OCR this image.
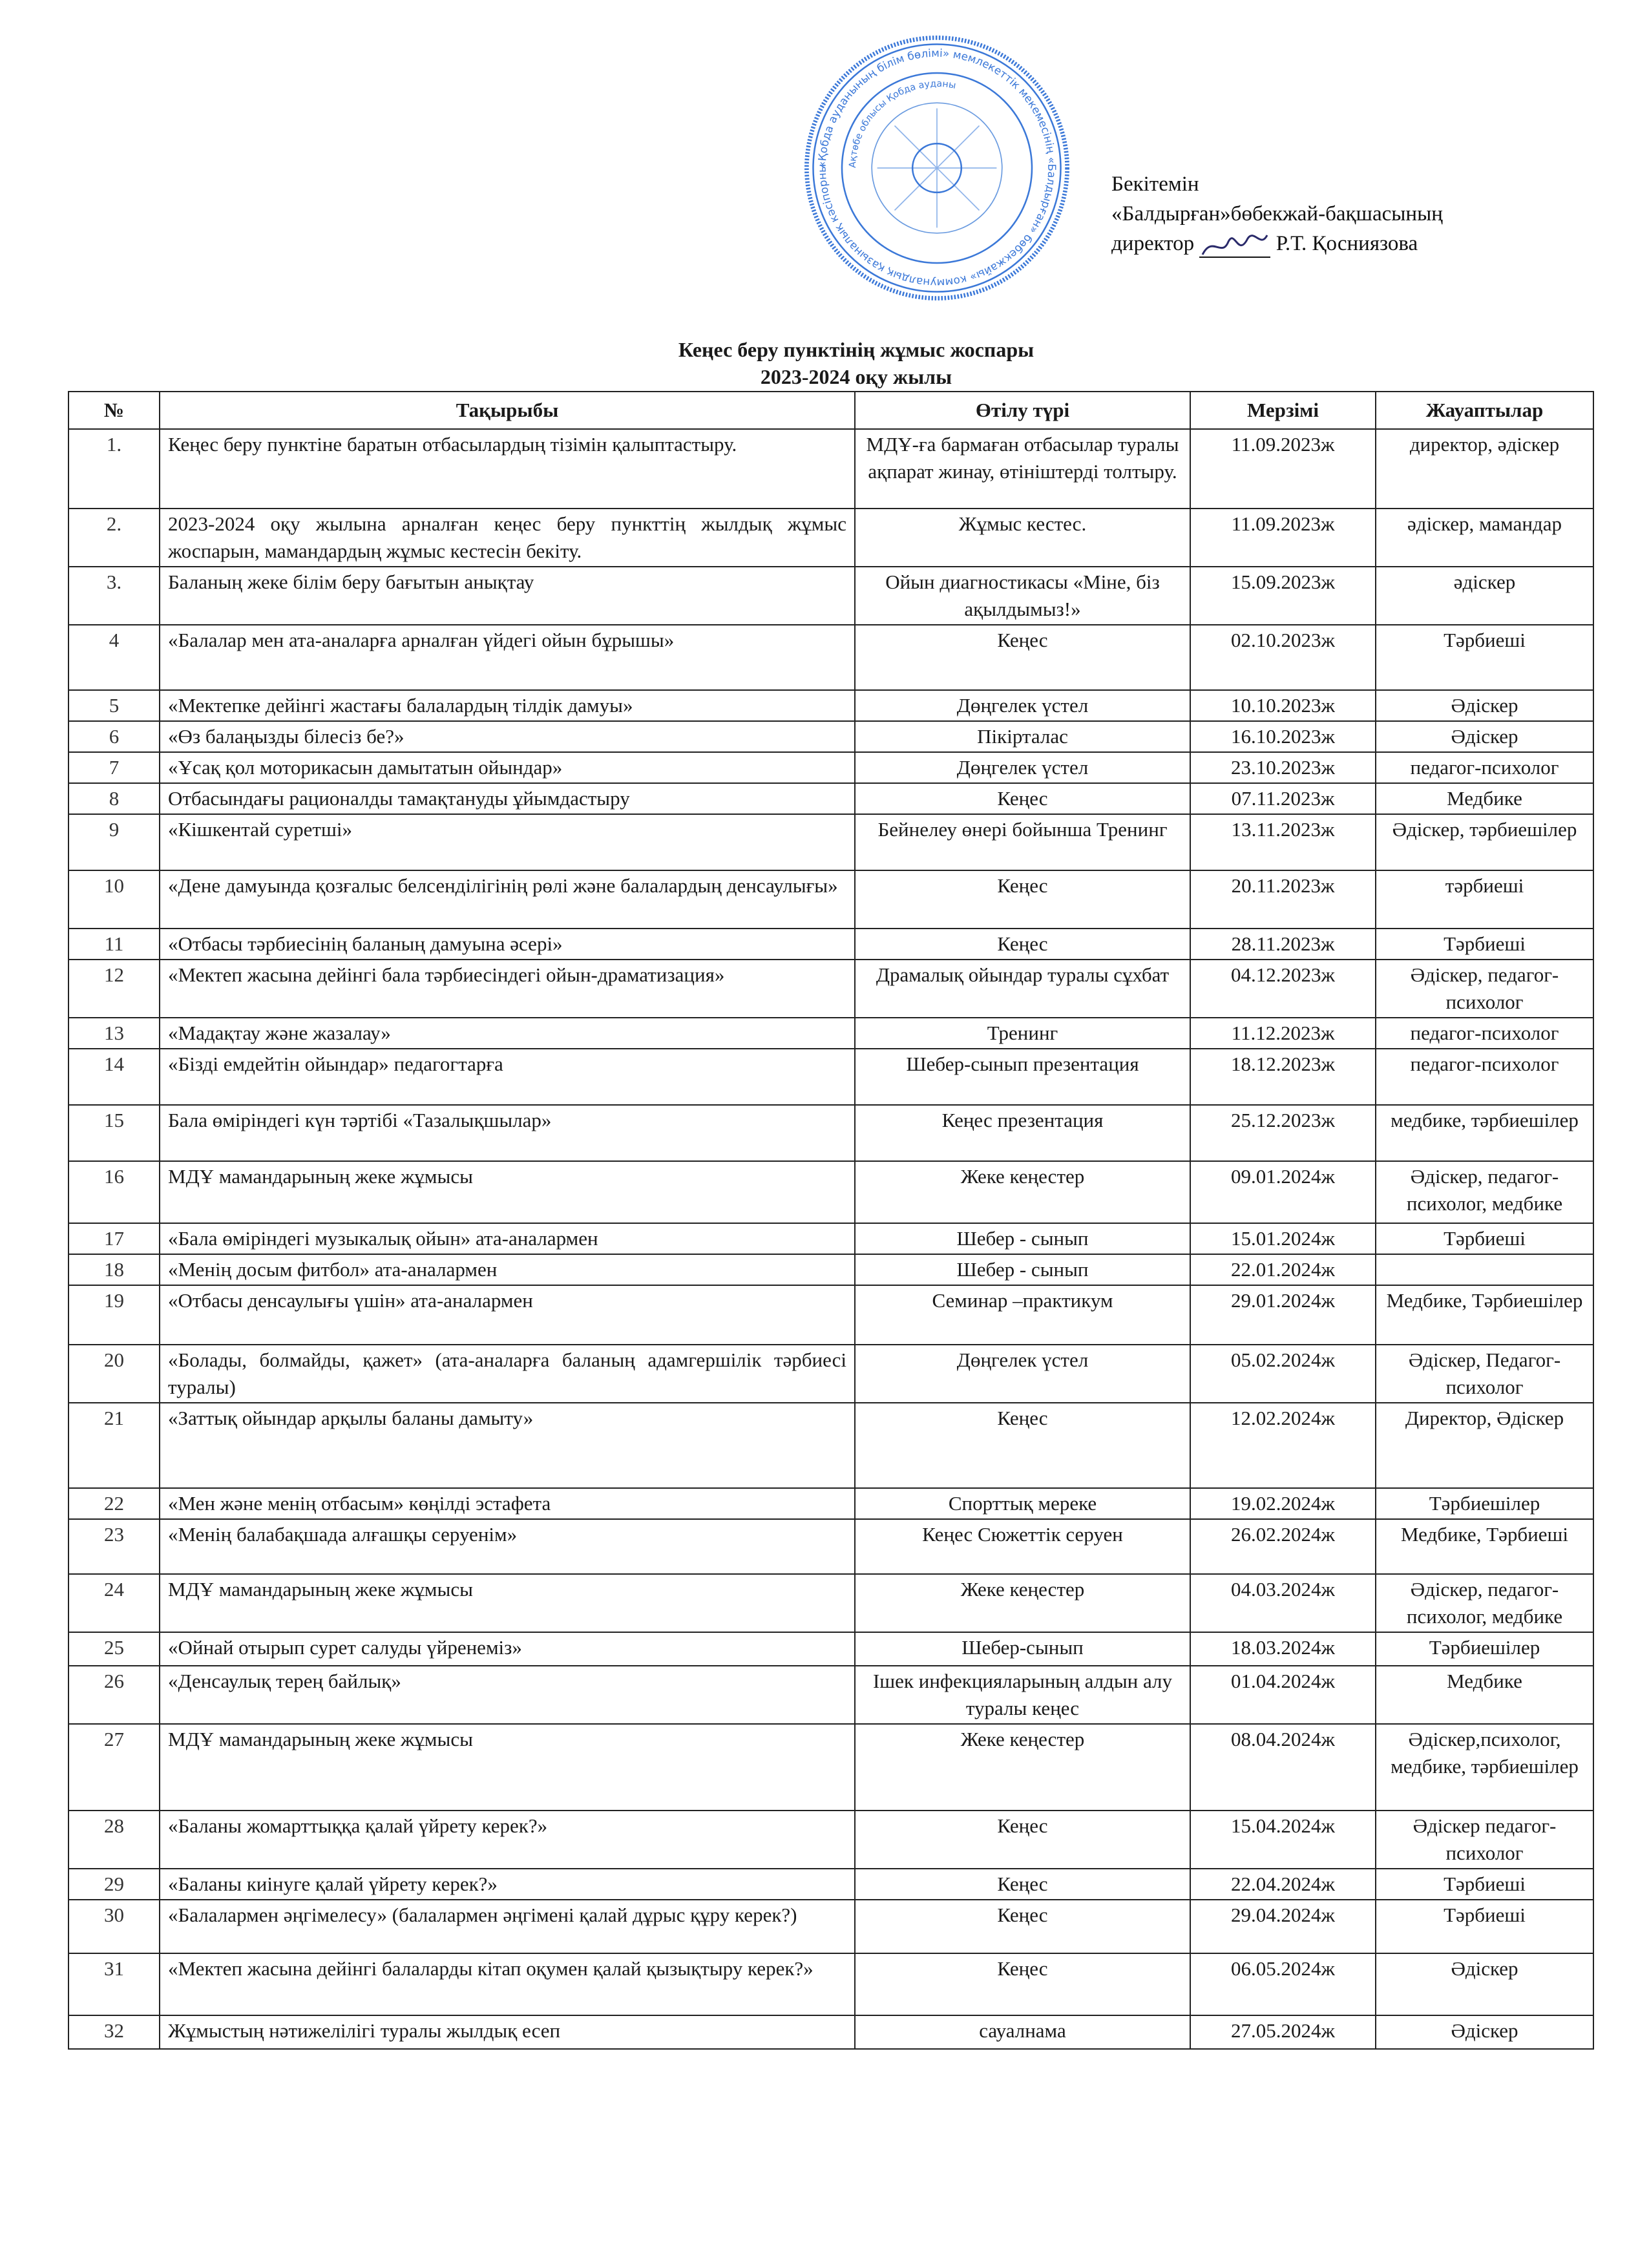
«Қобда ауданының білім бөлімі» мемлекеттік мекемесінің «Балдырған» бөбекжайы» коммуналдық қазыналық кәсіпорны	Ақтөбе облысы Қобда ауданы
Бекітемін
«Балдырған»бөбекжай-бақшасының
директор	Р.Т. Қосниязова
Кеңес беру пунктінің жұмыс жоспары
2023-2024 оқу жылы
№	Тақырыбы	Өтілу түрі	Мерзімі	Жауаптылар
1.	Кеңес беру пунктіне баратын отбасылардың тізімін қалыптастыру.	МДҰ-ға бармаған отбасылар туралы ақпарат жинау, өтініштерді толтыру.	11.09.2023ж	директор, әдіскер
2.	2023-2024 оқу жылына арналған кеңес беру пункттің жылдық жұмыс жоспарын, мамандардың жұмыс кестесін бекіту.	Жұмыс кестес.	11.09.2023ж	әдіскер, мамандар
3.	Баланың жеке білім беру бағытын анықтау	Ойын диагностикасы «Міне, біз ақылдымыз!»	15.09.2023ж	әдіскер
4	«Балалар мен ата-аналарға арналған үйдегі ойын бұрышы»	Кеңес	02.10.2023ж	Тәрбиеші
5	«Мектепке дейінгі жастағы балалардың тілдік дамуы»	Дөңгелек үстел	10.10.2023ж	Әдіскер
6	«Өз балаңызды білесіз бе?»	Пікірталас	16.10.2023ж	Әдіскер
7	«Ұсақ қол моторикасын дамытатын ойындар»	Дөңгелек үстел	23.10.2023ж	педагог-психолог
8	Отбасындағы рационалды тамақтануды ұйымдастыру	Кеңес	07.11.2023ж	Медбике
9	«Кішкентай суретші»	Бейнелеу өнері бойынша Тренинг	13.11.2023ж	Әдіскер, тәрбиешілер
10	«Дене дамуында қозғалыс белсенділігінің рөлі және балалардың денсаулығы»	Кеңес	20.11.2023ж	тәрбиеші
11	«Отбасы тәрбиесінің баланың дамуына әсері»	Кеңес	28.11.2023ж	Тәрбиеші
12	«Мектеп жасына дейінгі бала тәрбиесіндегі ойын-драматизация»	Драмалық ойындар туралы сұхбат	04.12.2023ж	Әдіскер, педагог-психолог
13	«Мадақтау және жазалау»	Тренинг	11.12.2023ж	педагог-психолог
14	«Бізді емдейтін ойындар» педагогтарға	Шебер-сынып презентация	18.12.2023ж	педагог-психолог
15	Бала өміріндегі күн тәртібі «Тазалықшылар»	Кеңес презентация	25.12.2023ж	медбике, тәрбиешілер
16	МДҰ мамандарының жеке жұмысы	Жеке кеңестер	09.01.2024ж	Әдіскер, педагог-психолог, медбике
17	«Бала өміріндегі музыкалық ойын» ата-аналармен	Шебер - сынып	15.01.2024ж	Тәрбиеші
18	«Менің досым фитбол» ата-аналармен	Шебер - сынып	22.01.2024ж	
19	«Отбасы денсаулығы үшін» ата-аналармен	Семинар –практикум	29.01.2024ж	Медбике, Тәрбиешілер
20	«Болады, болмайды, қажет» (ата-аналарға баланың адамгершілік тәрбиесі туралы)	Дөңгелек үстел	05.02.2024ж	Әдіскер, Педагог-психолог
21	«Заттық ойындар арқылы баланы дамыту»	Кеңес	12.02.2024ж	Директор, Әдіскер
22	«Мен және менің отбасым» көңілді эстафета	Спорттық мереке	19.02.2024ж	Тәрбиешілер
23	«Менің балабақшада алғашқы серуенім»	Кеңес Сюжеттік серуен	26.02.2024ж	Медбике, Тәрбиеші
24	МДҰ мамандарының жеке жұмысы	Жеке кеңестер	04.03.2024ж	Әдіскер, педагог-психолог, медбике
25	«Ойнай отырып сурет салуды үйренеміз»	Шебер-сынып	18.03.2024ж	Тәрбиешілер
26	«Денсаулық терең байлық»	Ішек инфекцияларының алдын алу туралы кеңес	01.04.2024ж	Медбике
27	МДҰ мамандарының жеке жұмысы	Жеке кеңестер	08.04.2024ж	Әдіскер,психолог, медбике, тәрбиешілер
28	«Баланы жомарттыққа қалай үйрету керек?»	Кеңес	15.04.2024ж	Әдіскер педагог-психолог
29	«Баланы киінуге қалай үйрету керек?»	Кеңес	22.04.2024ж	Тәрбиеші
30	«Балалармен әңгімелесу» (балалармен әңгімені қалай дұрыс құру керек?)	Кеңес	29.04.2024ж	Тәрбиеші
31	«Мектеп жасына дейінгі балаларды кітап оқумен қалай қызықтыру керек?»	Кеңес	06.05.2024ж	Әдіскер
32	Жұмыстың нәтижелілігі туралы жылдық есеп	сауалнама	27.05.2024ж	Әдіскер
